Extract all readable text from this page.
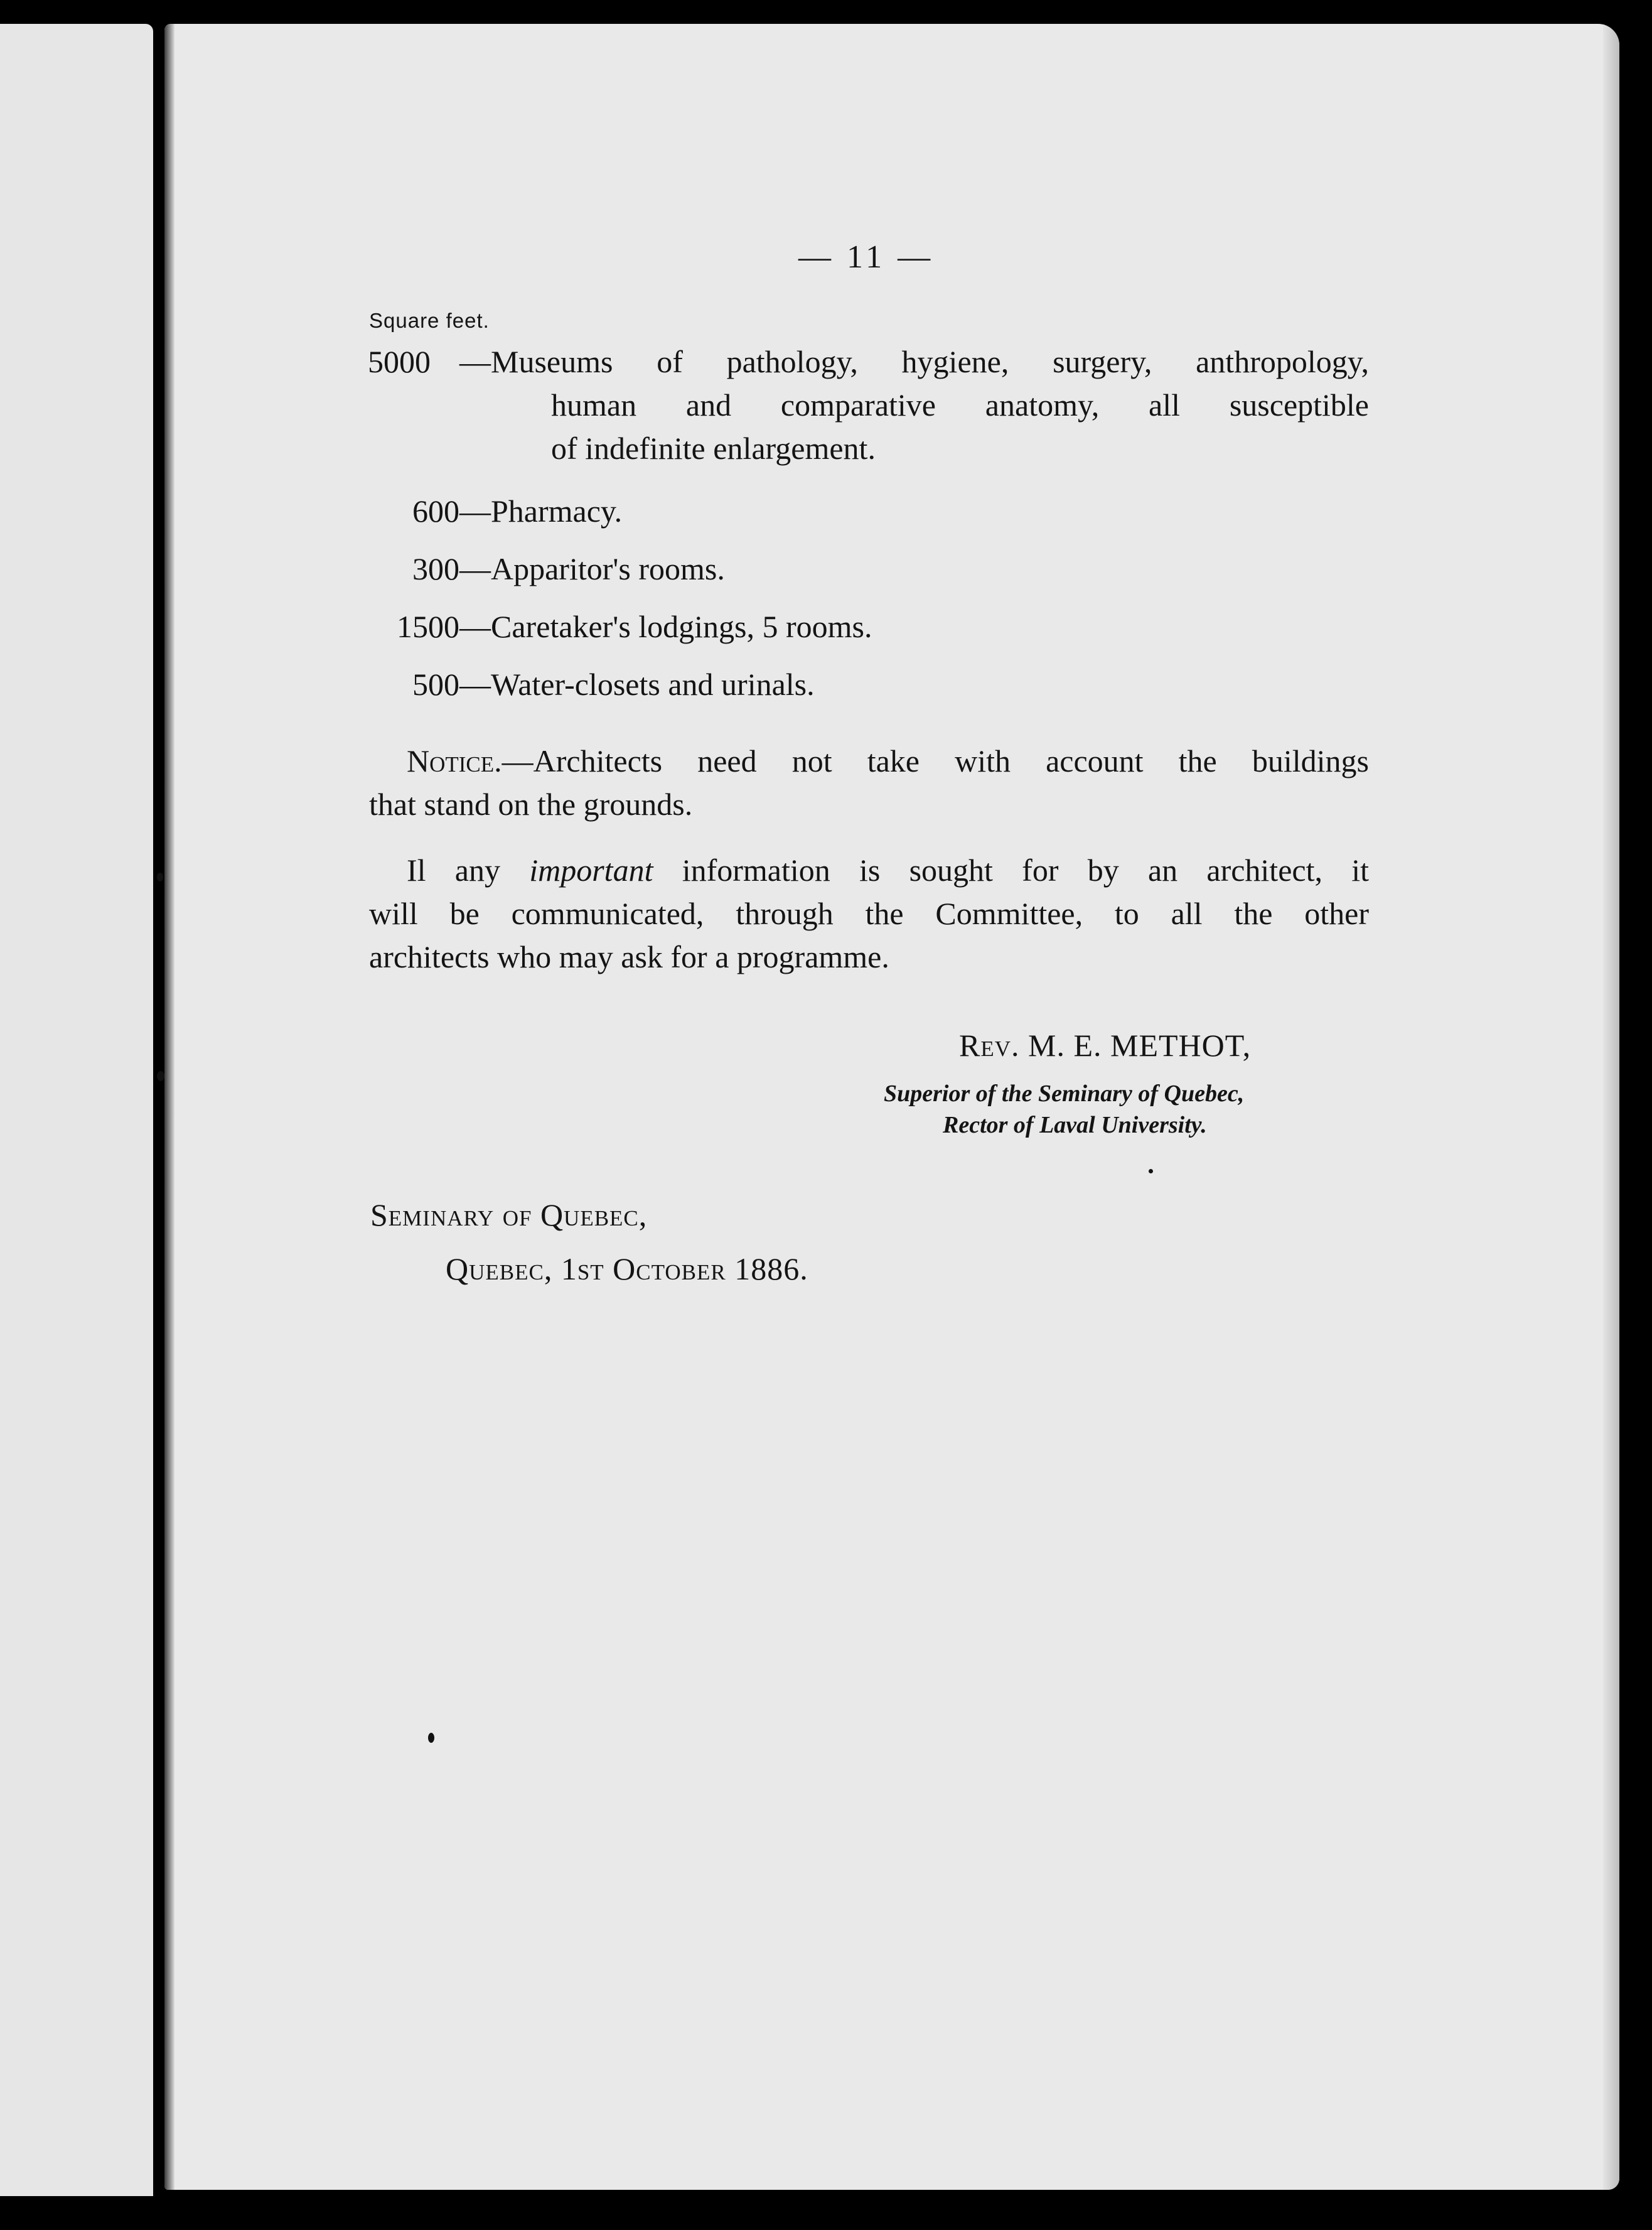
— 11 —
Square feet.
5000 — Museums of pathology, hygiene, surgery, anthropology,
human and comparative anatomy, all susceptible
of indefinite enlargement.
600—Pharmacy.
300—Apparitor's rooms.
1500—Caretaker's lodgings, 5 rooms.
500—Water-closets and urinals.
Notice.—Architects need not take with account the buildings
that stand on the grounds.
Il any important information is sought for by an architect, it
will be communicated, through the Committee, to all the other
architects who may ask for a programme.
Rev. M. E. METHOT,
Superior of the Seminary of Quebec,
Rector of Laval University.
Seminary of Quebec,
Quebec, 1st October 1886.
